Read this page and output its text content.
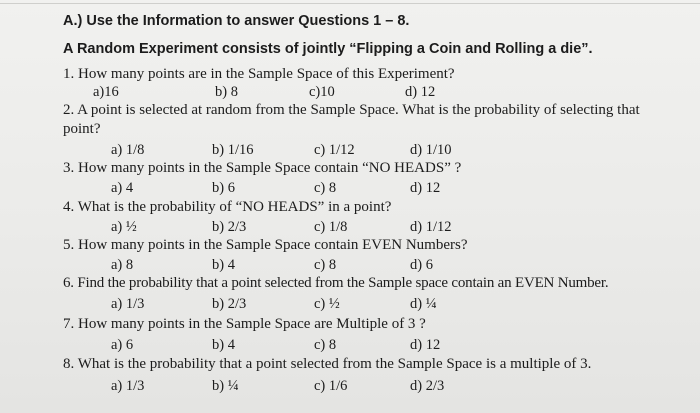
A.) Use the Information to answer Questions 1 – 8.
A Random Experiment consists of jointly “Flipping a Coin and Rolling a die”.
1. How many points are in the Sample Space of this Experiment?
a)16	b) 8	c)10	d) 12
2. A point is selected at random from the Sample Space. What is the probability of selecting that
point?
a) 1/8	b) 1/16	c) 1/12	d) 1/10
3. How many points in the Sample Space contain “NO HEADS” ?
a) 4	b) 6	c) 8	d) 12
4. What is the probability of “NO HEADS” in a point?
a) ½	b) 2/3	c) 1/8	d) 1/12
5. How many points in the Sample Space contain EVEN Numbers?
a) 8	b) 4	c) 8	d) 6
6. Find the probability that a point selected from the Sample space contain an EVEN Number.
a) 1/3	b) 2/3	c) ½	d) ¼
7. How many points in the Sample Space are Multiple of 3 ?
a) 6	b) 4	c) 8	d) 12
8. What is the probability that a point selected from the Sample Space is a multiple of 3.
a) 1/3	b) ¼	c) 1/6	d) 2/3
